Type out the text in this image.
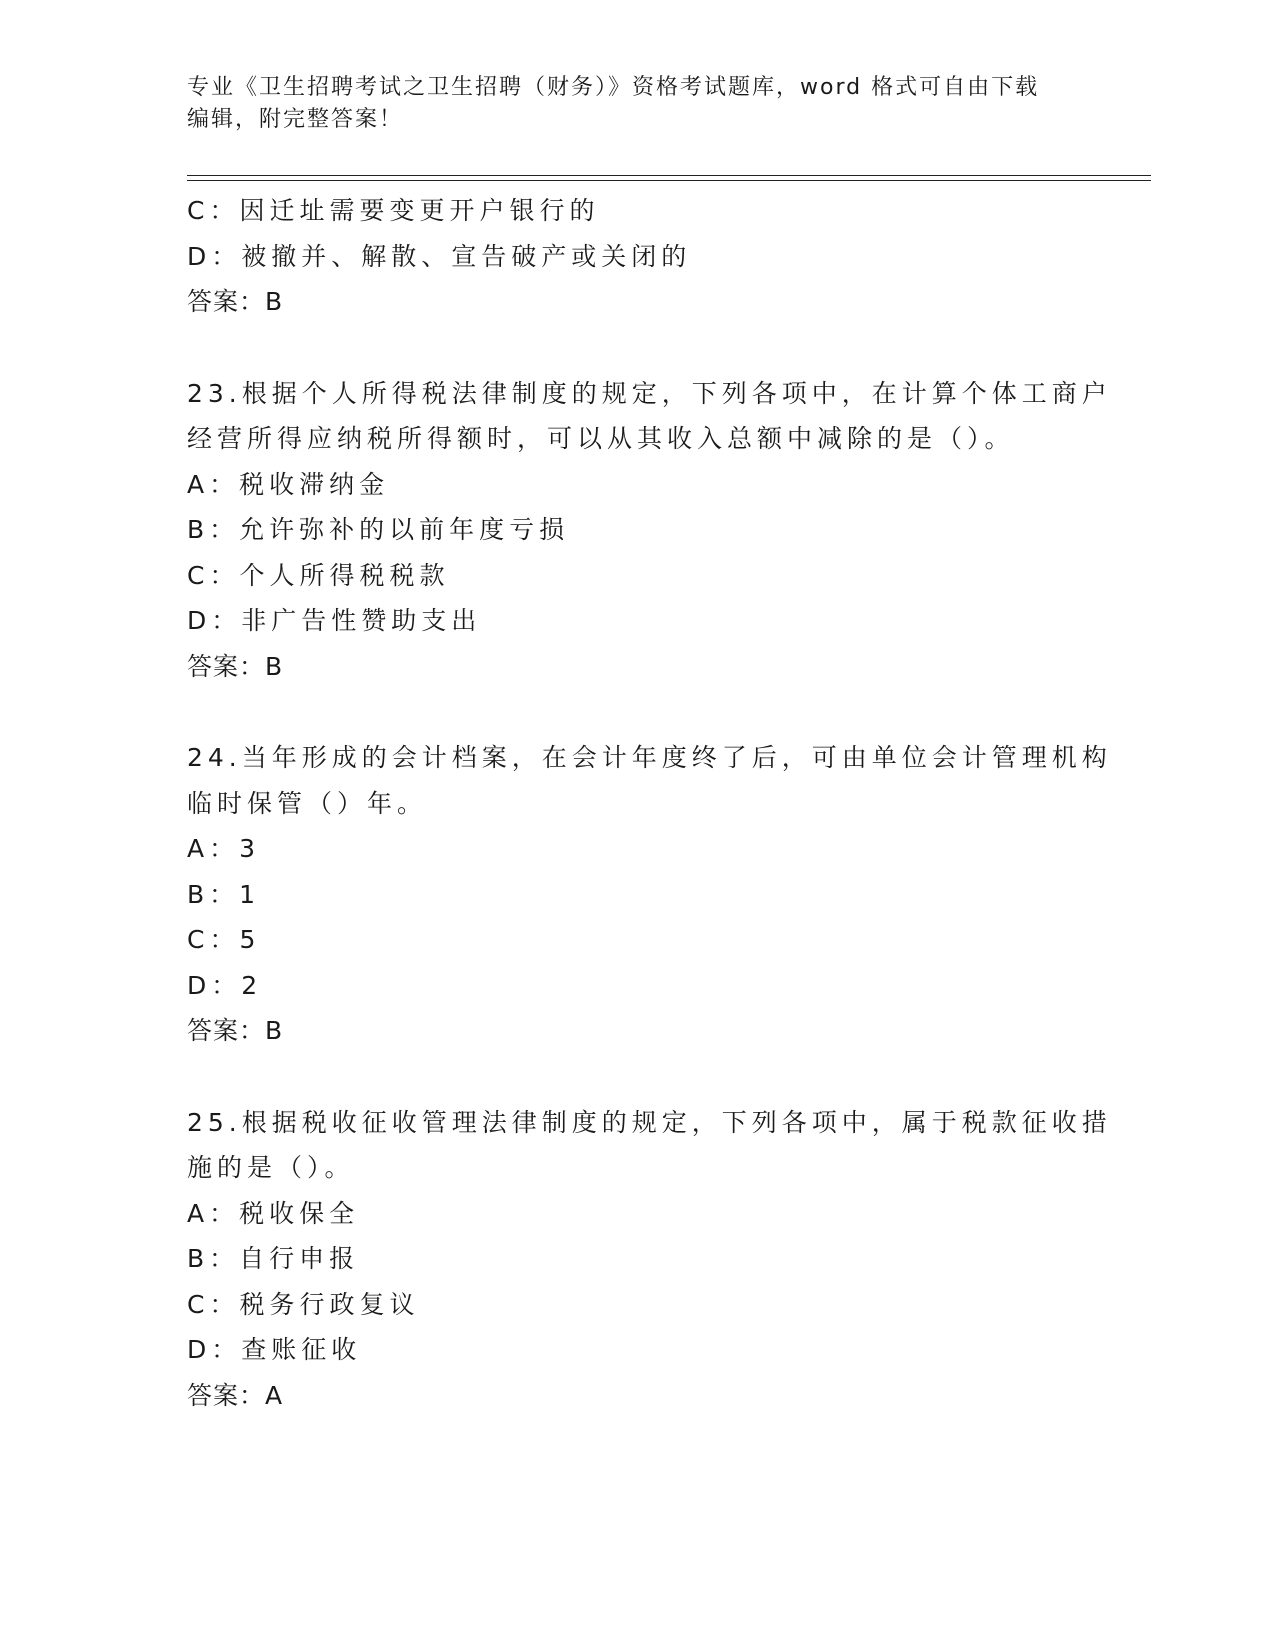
专业《卫生招聘考试之卫生招聘（财务）》资格考试题库，word 格式可自由下载
编辑，附完整答案！
C：因迁址需要变更开户银行的
D：被撤并、解散、宣告破产或关闭的
答案：B
23.根据个人所得税法律制度的规定，下列各项中，在计算个体工商户
经营所得应纳税所得额时，可以从其收入总额中减除的是（）。
A：税收滞纳金
B：允许弥补的以前年度亏损
C：个人所得税税款
D：非广告性赞助支出
答案：B
24.当年形成的会计档案，在会计年度终了后，可由单位会计管理机构
临时保管（）年。
A：3
B：1
C：5
D：2
答案：B
25.根据税收征收管理法律制度的规定，下列各项中，属于税款征收措
施的是（）。
A：税收保全
B：自行申报
C：税务行政复议
D：查账征收
答案：A
